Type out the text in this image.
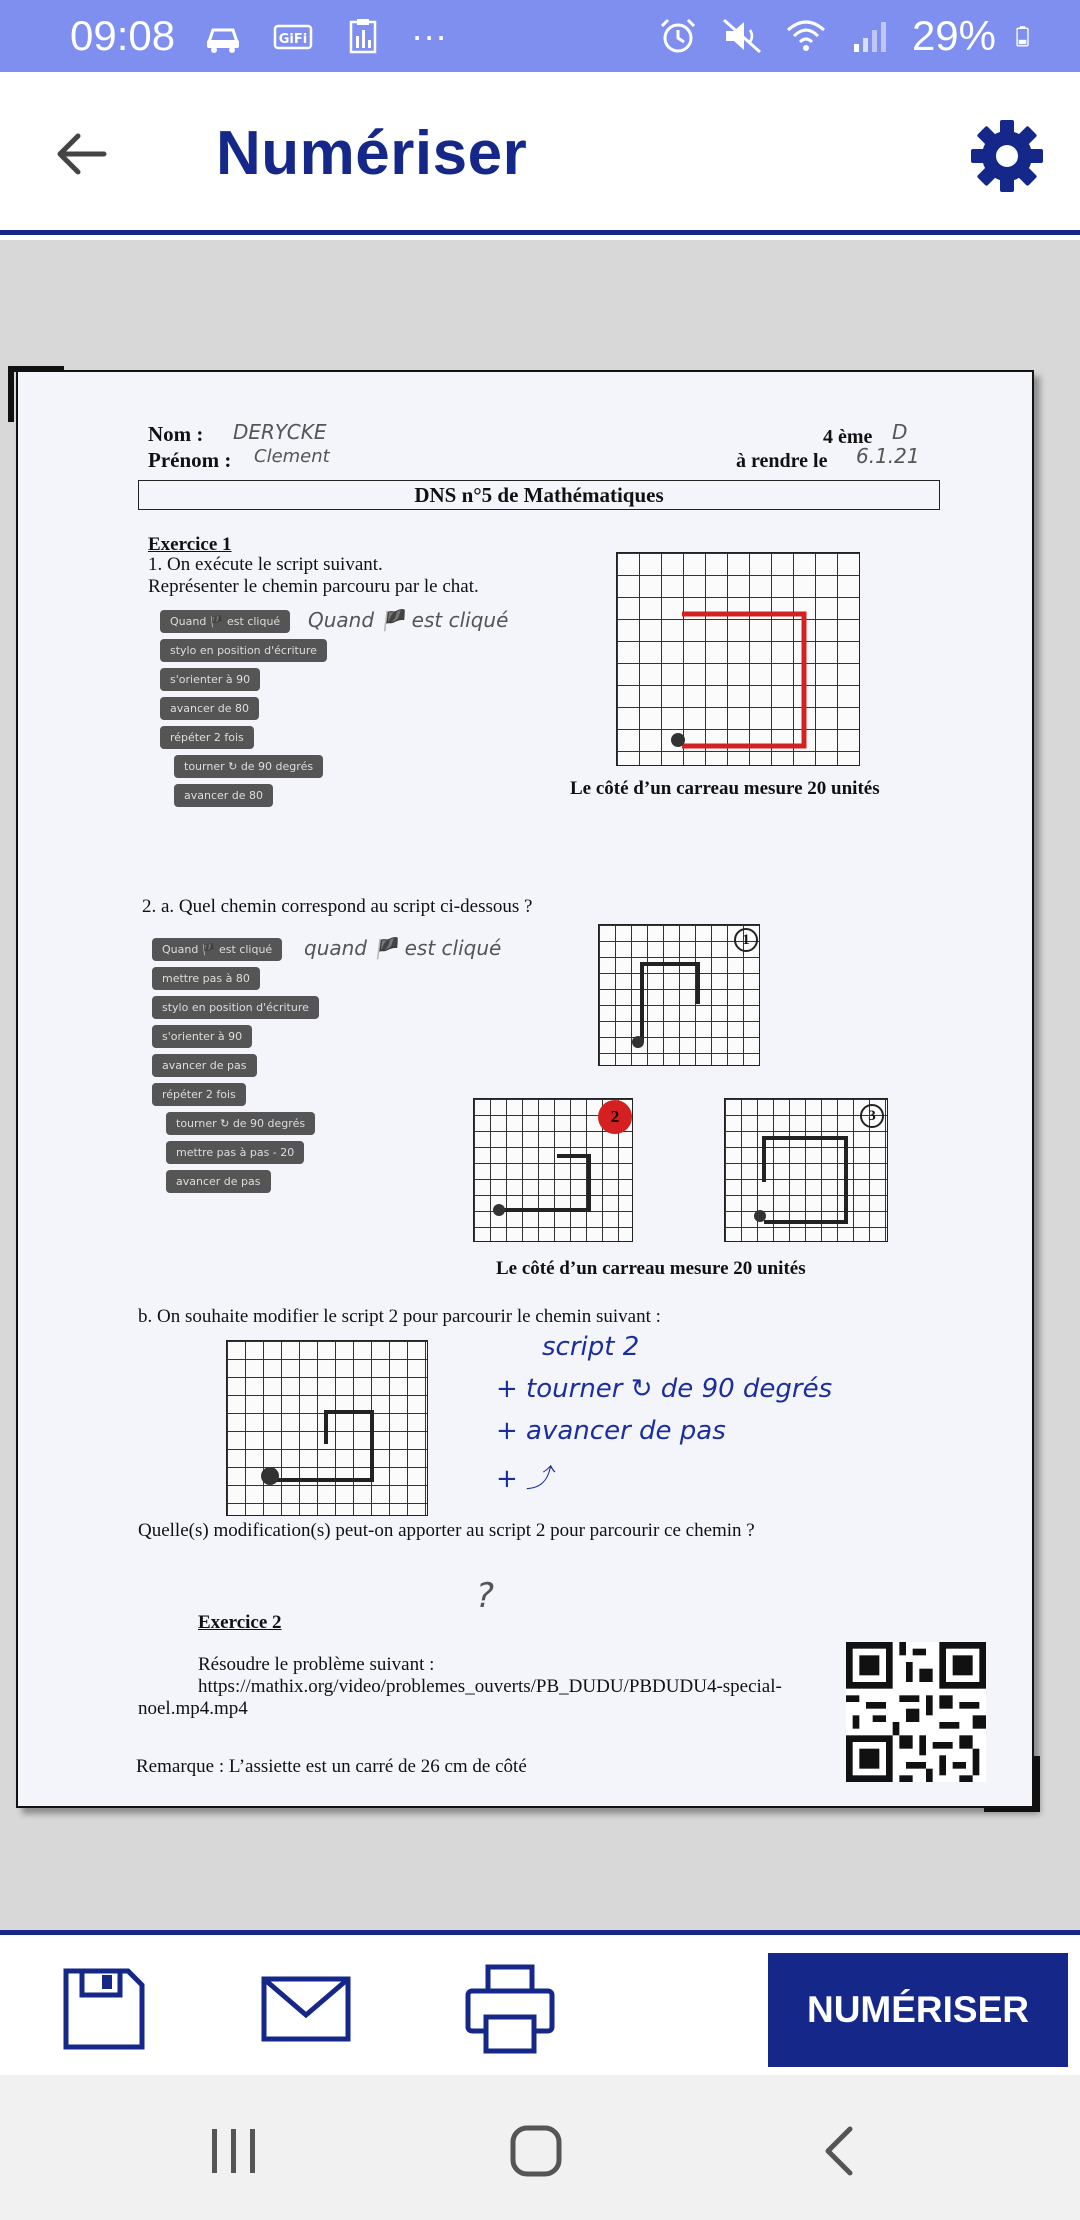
09:08	GiFi	···	29%
Numériser
Nom : DERYCKE
Prénom : Clement
4 ème D
à rendre le 6.1.21
DNS n°5 de Mathématiques
Exercice 1
1. On exécute le script suivant.
Représenter le chemin parcouru par le chat.
Quand 🏴 est cliqué
Quand 🏴 est cliqué
stylo en position d'écriture
s'orienter à 90
avancer de 80
répéter 2 fois
tourner ↻ de 90 degrés
avancer de 80	Le côté d’un carreau mesure 20 unités
2. a. Quel chemin correspond au script ci-dessous ?
quand 🏴 est cliqué
Quand 🏴 est cliqué
mettre pas à 80
stylo en position d'écriture
s'orienter à 90
avancer de pas
répéter 2 fois
tourner ↻ de 90 degrés
mettre pas à pas - 20
avancer de pas
1
2	3
Le côté d’un carreau mesure 20 unités
b. On souhaite modifier le script 2 pour parcourir le chemin suivant :
script 2
+ tourner ↻ de 90 degrés
+ avancer de pas
+ ⤴
Quelle(s) modification(s) peut-on apporter au script 2 pour parcourir ce chemin ?
?
Exercice 2
Résoudre le problème suivant :
https://mathix.org/video/problemes_ouverts/PB_DUDU/PBDUDU4-special-
noel.mp4.mp4
Remarque : L’assiette est un carré de 26 cm de côté
NUMÉRISER
